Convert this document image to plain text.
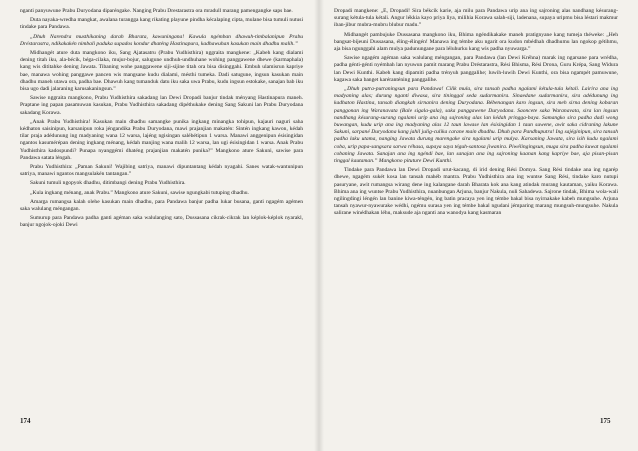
nganti panyuwune Prabu Duryodana diparéngake. Nanging Prabu Drestarastra ora mradull marang pamengangke saps bae.

Duta nayaka-wredha mangkat, awalana turangga kang rikating playune pindha kécalaping cipta, mulane bisa tumuli nutusi tindake para Pandawa.

„Dhuh Narendra musthikaning darah Bharata, kawuningana! Kawula ngémban dhawuh-timbalanipun Prabu Dréstarastra, ndikakakén nimbali paduka supados kondur dhaténg Hastinapura, kadhawuhan kasukan main dhadhu malih.”

Midhangét ature duta mangkono iku, Sang Ajatasatru (Prabu Yudhisthira) nggraita mangkene: „Kabeh kang dialami dening titah iku, ala-bécik, béga-cilaka, mujur-bojur, salugune undhuh-undhuhane wohing panggawene dhewe (karmaphala) kang wis dititahke dening Jawata. Tibaning wohe panggawene siji-sijine titah ora bisa disinggahi. Embuh ulamisrun kapriye bae, manawa wohing panggawe pancen wis mangsane kudu dialami, mésthi tumeka. Dadi satugune, ingsun kasukan main dhadhu maneh utawa ora, padha bae. Dhawuh kang tumanduk datu iku saka uwa Prabu, kudu ingsun estokake, sanajan bab iku bisa ugo dadi jalaraning karusakaningsun.”

Sawise nggraita mangkono, Prabu Yudhisthira sakadang lan Dewi Dropadi banjur tindak ményang Hastinapura maneh. Praptane ing papan pasamuwan kasukan, Prabu Yudhisthira sakadang dipéthukake dening Sang Sakuni lan Prabu Duryodana sakadang Korawa.

„Anak Prabu Yudhisthira! Kasukan main dhadhu samangke punika ingkang minangka tohipun, kajauri naguri saha kédhaton saisinipun, karsanipun roka jéngandika Prabu Duryodana, mawi prajanjian makatén: Sintén ingkang kawon, kédah tilar praja adédunung ing madyaning wana 12 warsa, lajéng ngisingan salébétipun 1 warsa. Manawi anggenipun ésisingidan ngantos kasumérépan dening ingkang ménang, kédah manjing wana malih 12 warsa, lan ugi ésisingidan 1 warsa. Anak Prabu Yudhisthira kadospundi? Punapa nyanggémi dhaténg prajanjian makatén punika?” Mangkono ature Sakuni, sawise para Pandawa satata léngah.

Prabu Yudhisthira: „Paman Sakuni! Wajibing satriya, manawi dipuntantang kédah nyagahi. Sanes watak-wantunipun satriya, manawi ngantos mangsulakén tantangan.”

Sakuni tumuli ngopyok dhadhu, ditimbangi dening Prabu Yudhisthira.

„Kula ingkang ménang, anak Prabu.” Mangkono ature Sakuni, sawise ngungkabi tutuping dhadhu.

Amarga rumangsa kalah olehe kasukan main dhadhu, para Pandawa banjur padha lukar busana, ganti ngagém agémen saka walulang méngangan.

Sumurup para Pandawa padha ganti agéman saka walulanging sato, Dussasana cikrak-cikrak lan képlok-képlok nyarakl, banjur ngojok-ojoki Dewi

Dropadi mangkene: „E, Dropadi! Sira békcik karie, aja milu para Pandawa urip ana ing sajroning alas nandhang késurang-surang kétula-tula kétali. Angur lékkia kayo priya liya, milihia Korawa salah-siji, ladenana, supaya uripmu bisa léstari makmur iban-jibur mubra-mubru blubur madu.”

Midhangét pambujuke Dussasana mangkono iku, Bhima ngéndikakake maneh pratignyane kang tumeja théweke: „Heh bangsat-bijeuni Dussasana, éling-élingén! Manawa ing témbe aku ngarit ora kudon mbédhah dhadhumu lan ngokop gétihmu, aja bisa ngunggahi alam mulya padunungane para léluhurku kang wis padha nyuwarga.”

Sawise ngagém agéman saka walulang méngangan, para Pandawa (lan Dewi Kréhna) marak ing ngarsane para wrédha, padha génti-génti nyémbah lan nyuwun pamit marang Prabu Dréstarastra, Rési Bhisma, Rési Drona, Guru Krépa, Sang Widura lan Dewi Kunthi. Kabeh kang dipamiti padha trényuh panggalihe; luwih-luwih Dewi Kunthi, ora bisa ngampét pamuwune, kagawa saka banget karéranténing panggalihe.

„Dhuh putra-putraningsun para Pandawa! Cilik mula, sira tansah padha ngalami kétula-tula kétali. Lairira ana ing madyaning alas; durung nganti diwasa, sira tininggal seda sudarmanira. Sinaedane sudarmanira, sira adédunung ing kadhaton Hastina, tansah diangkah sirnanira dening Duryodana. Bébenangan karo ingsun, sira meh sirna dening kobaran panggonan ing Waranavata (Bale sigala-gala), saka panggawene Duryodana. Saoncete saka Waranavata, sira lan ingsun nandhang késurang-surang ngalami urip ana ing sajroning alas lan kédah pringga-baya. Samangko sira padha dadi wong buwangan, kudu urip ana ing madyaning alas 12 taun lawase lan ésisingidan 1 taun suwene, awit saka cidraning lakune Sakuni, sarpané Duryodana kang jahil julig-culika carane main dhadhu. Dhuh para Pandhuputra! Ing sajéginipun, sira tansah padha laku utama, nanging Jawata durung marengake sira ngalami urip mulya. Karsaning Jawata, sira isih kudu ngalami coba, urip papa-sangsara sarwa réhasa, supaya saya téguh-santosa jiwanira. Piwélingingsun, muga sira padha kuwat ngalami cobaning Jawata. Sanajan ana ing ngéndi bae, lan sanajan ana ing sajroning kaanan kang kapriye bae, aja pisan-pisan tinggal kautaman.” Mangkono pituture Dewi Kunthi.

Tindake para Pandawa lan Dewi Dropadi urut-kacang, di irid dening Rési Domya. Sang Rési tindake ana ing ngarép dhewe, ngagém sukét kosa lan tansah mahéb mantra. Prabu Yudhisthira ana ing wuntse Sang Rési, tindake karo nutupi pasuryane, awit rumangsa wirang dene ing kalangane darah Bharata kok ana kang atindak murang kautaman, yaiku Korawa. Bhima ana ing wuntse Prabu Yudhisthira, nuanbungan Arjuna, banjur Nakula, nuli Sahadewa. Sajrone tindak, Bhima wola-wali ngilingdingi léngén lan banine kiwa-téngén, ing batin pracaya yen ing témbe bakal bisa nyirnakake kabeh mungsuhe. Arjuna tansah nyawur-nyawurake wédhi, ngému surasa yen ing témbe bakal ngudani jémparing marang mungsuh-mungsuhe. Nakula salirane winédhakan léhu, maksude aja nganti ana wanodya kang kasmaran

174	175
